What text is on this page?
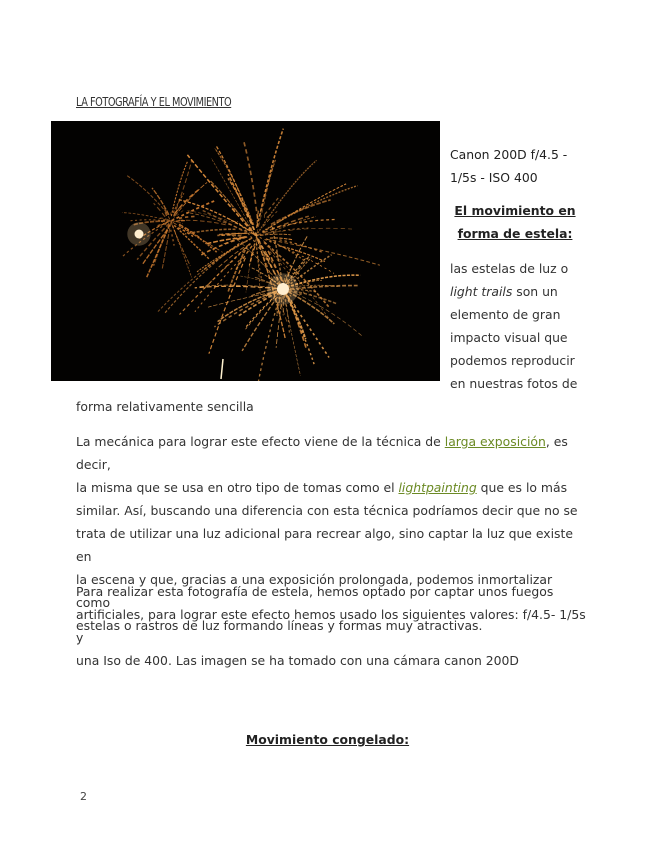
LA FOTOGRAFÍA Y EL MOVIMIENTO
Canon 200D f/4.5 -
1/5s - ISO 400
El movimiento en
forma de estela:
las estelas de luz o
light trails son un
elemento de gran
impacto visual que
podemos reproducir
en nuestras fotos de
forma relativamente sencilla
La mecánica para lograr este efecto viene de la técnica de larga exposición, es decir,
la misma que se usa en otro tipo de tomas como el lightpainting que es lo más
similar. Así, buscando una diferencia con esta técnica podríamos decir que no se
trata de utilizar una luz adicional para recrear algo, sino captar la luz que existe en
la escena y que, gracias a una exposición prolongada, podemos inmortalizar como
estelas o rastros de luz formando líneas y formas muy atractivas.
Para realizar esta fotografía de estela, hemos optado por captar unos fuegos
artificiales, para lograr este efecto hemos usado los siguientes valores: f/4.5- 1/5s y
una Iso de 400. Las imagen se ha tomado con una cámara canon 200D
Movimiento congelado:
2
